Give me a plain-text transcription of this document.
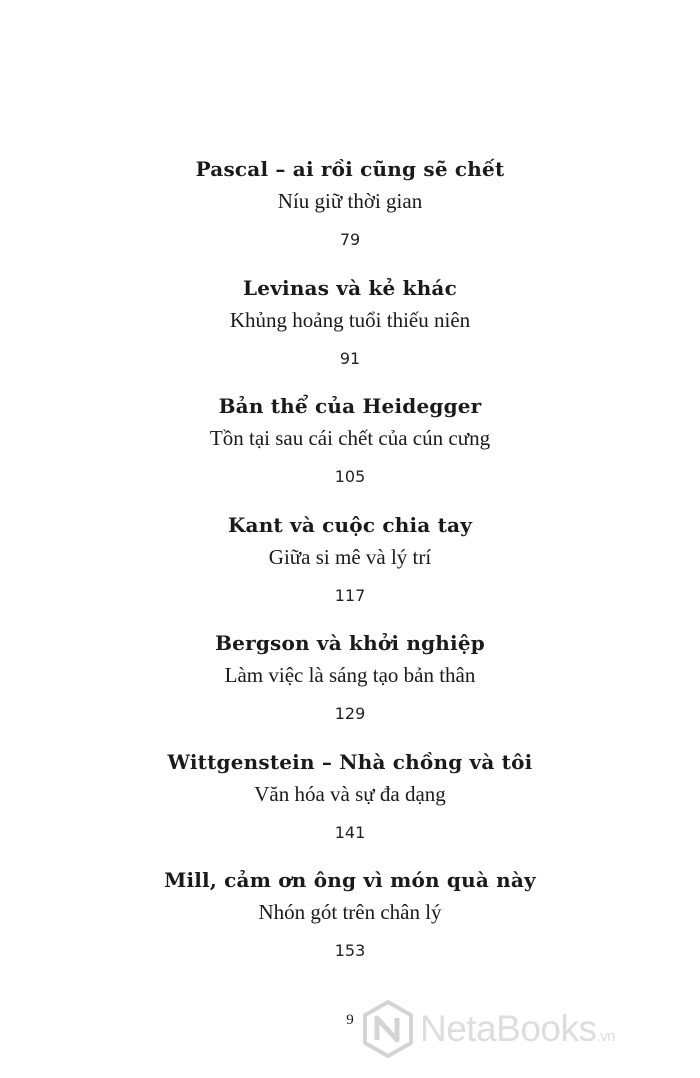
Pascal – ai rồi cũng sẽ chết
Níu giữ thời gian
79
Levinas và kẻ khác
Khủng hoảng tuổi thiếu niên
91
Bản thể của Heidegger
Tồn tại sau cái chết của cún cưng
105
Kant và cuộc chia tay
Giữa si mê và lý trí
117
Bergson và khởi nghiệp
Làm việc là sáng tạo bản thân
129
Wittgenstein – Nhà chồng và tôi
Văn hóa và sự đa dạng
141
Mill, cảm ơn ông vì món quà này
Nhón gót trên chân lý
153
9	NetaBooks.vn
